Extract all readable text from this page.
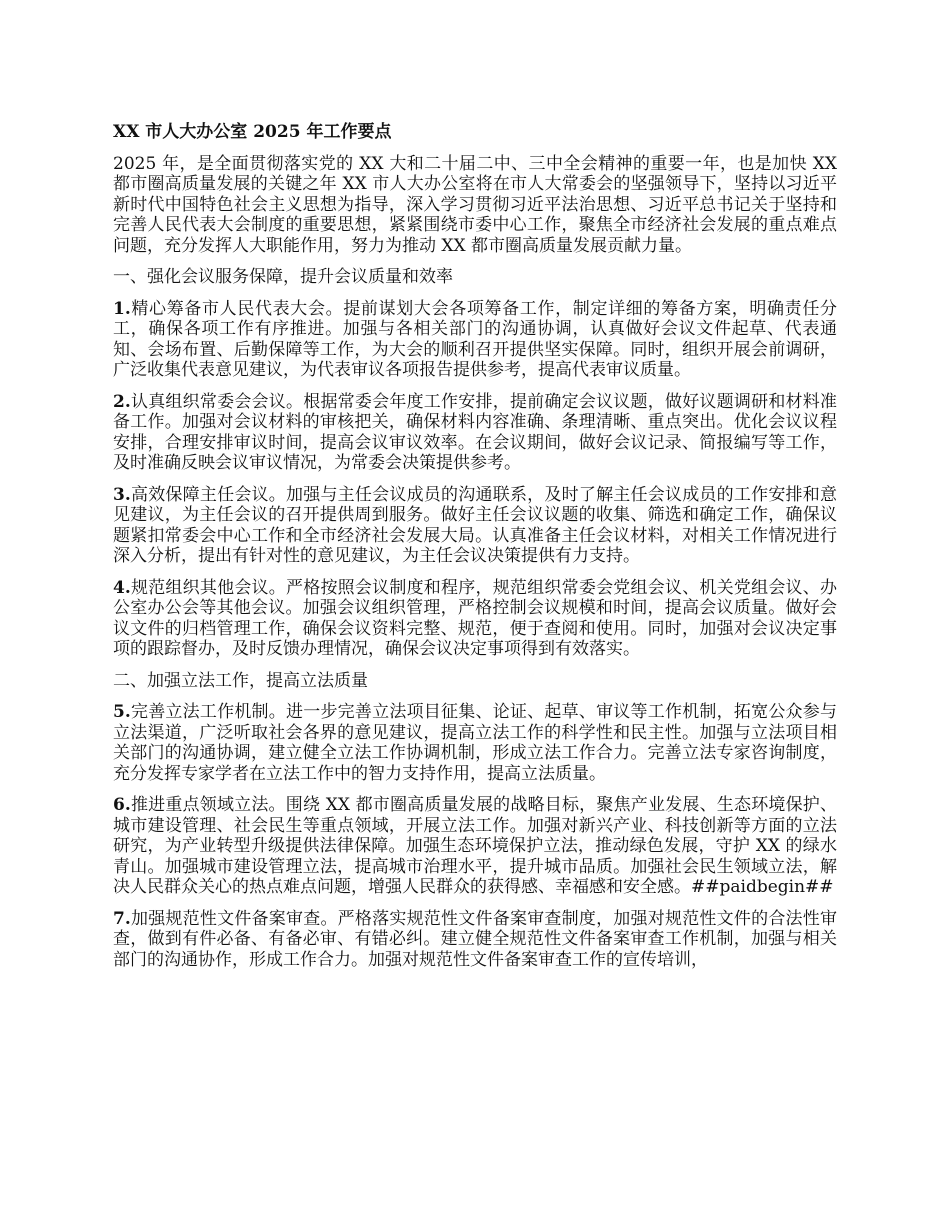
XX 市人大办公室 2025 年工作要点

2025 年，是全面贯彻落实党的 XX 大和二十届二中、三中全会精神的重要一年，也是加快 XX 都市圈高质量发展的关键之年 XX 市人大办公室将在市人大常委会的坚强领导下，坚持以习近平新时代中国特色社会主义思想为指导，深入学习贯彻习近平法治思想、习近平总书记关于坚持和完善人民代表大会制度的重要思想，紧紧围绕市委中心工作，聚焦全市经济社会发展的重点难点问题，充分发挥人大职能作用，努力为推动 XX 都市圈高质量发展贡献力量。

一、强化会议服务保障，提升会议质量和效率

1.精心筹备市人民代表大会。提前谋划大会各项筹备工作，制定详细的筹备方案，明确责任分工，确保各项工作有序推进。加强与各相关部门的沟通协调，认真做好会议文件起草、代表通知、会场布置、后勤保障等工作，为大会的顺利召开提供坚实保障。同时，组织开展会前调研，广泛收集代表意见建议，为代表审议各项报告提供参考，提高代表审议质量。

2.认真组织常委会会议。根据常委会年度工作安排，提前确定会议议题，做好议题调研和材料准备工作。加强对会议材料的审核把关，确保材料内容准确、条理清晰、重点突出。优化会议议程安排，合理安排审议时间，提高会议审议效率。在会议期间，做好会议记录、简报编写等工作，及时准确反映会议审议情况，为常委会决策提供参考。

3.高效保障主任会议。加强与主任会议成员的沟通联系，及时了解主任会议成员的工作安排和意见建议，为主任会议的召开提供周到服务。做好主任会议议题的收集、筛选和确定工作，确保议题紧扣常委会中心工作和全市经济社会发展大局。认真准备主任会议材料，对相关工作情况进行深入分析，提出有针对性的意见建议，为主任会议决策提供有力支持。

4.规范组织其他会议。严格按照会议制度和程序，规范组织常委会党组会议、机关党组会议、办公室办公会等其他会议。加强会议组织管理，严格控制会议规模和时间，提高会议质量。做好会议文件的归档管理工作，确保会议资料完整、规范，便于查阅和使用。同时，加强对会议决定事项的跟踪督办，及时反馈办理情况，确保会议决定事项得到有效落实。

二、加强立法工作，提高立法质量

5.完善立法工作机制。进一步完善立法项目征集、论证、起草、审议等工作机制，拓宽公众参与立法渠道，广泛听取社会各界的意见建议，提高立法工作的科学性和民主性。加强与立法项目相关部门的沟通协调，建立健全立法工作协调机制，形成立法工作合力。完善立法专家咨询制度，充分发挥专家学者在立法工作中的智力支持作用，提高立法质量。

6.推进重点领域立法。围绕 XX 都市圈高质量发展的战略目标，聚焦产业发展、生态环境保护、城市建设管理、社会民生等重点领域，开展立法工作。加强对新兴产业、科技创新等方面的立法研究，为产业转型升级提供法律保障。加强生态环境保护立法，推动绿色发展，守护 XX 的绿水青山。加强城市建设管理立法，提高城市治理水平，提升城市品质。加强社会民生领域立法，解决人民群众关心的热点难点问题，增强人民群众的获得感、幸福感和安全感。##paidbegin##

7.加强规范性文件备案审查。严格落实规范性文件备案审查制度，加强对规范性文件的合法性审查，做到有件必备、有备必审、有错必纠。建立健全规范性文件备案审查工作机制，加强与相关部门的沟通协作，形成工作合力。加强对规范性文件备案审查工作的宣传培训，
